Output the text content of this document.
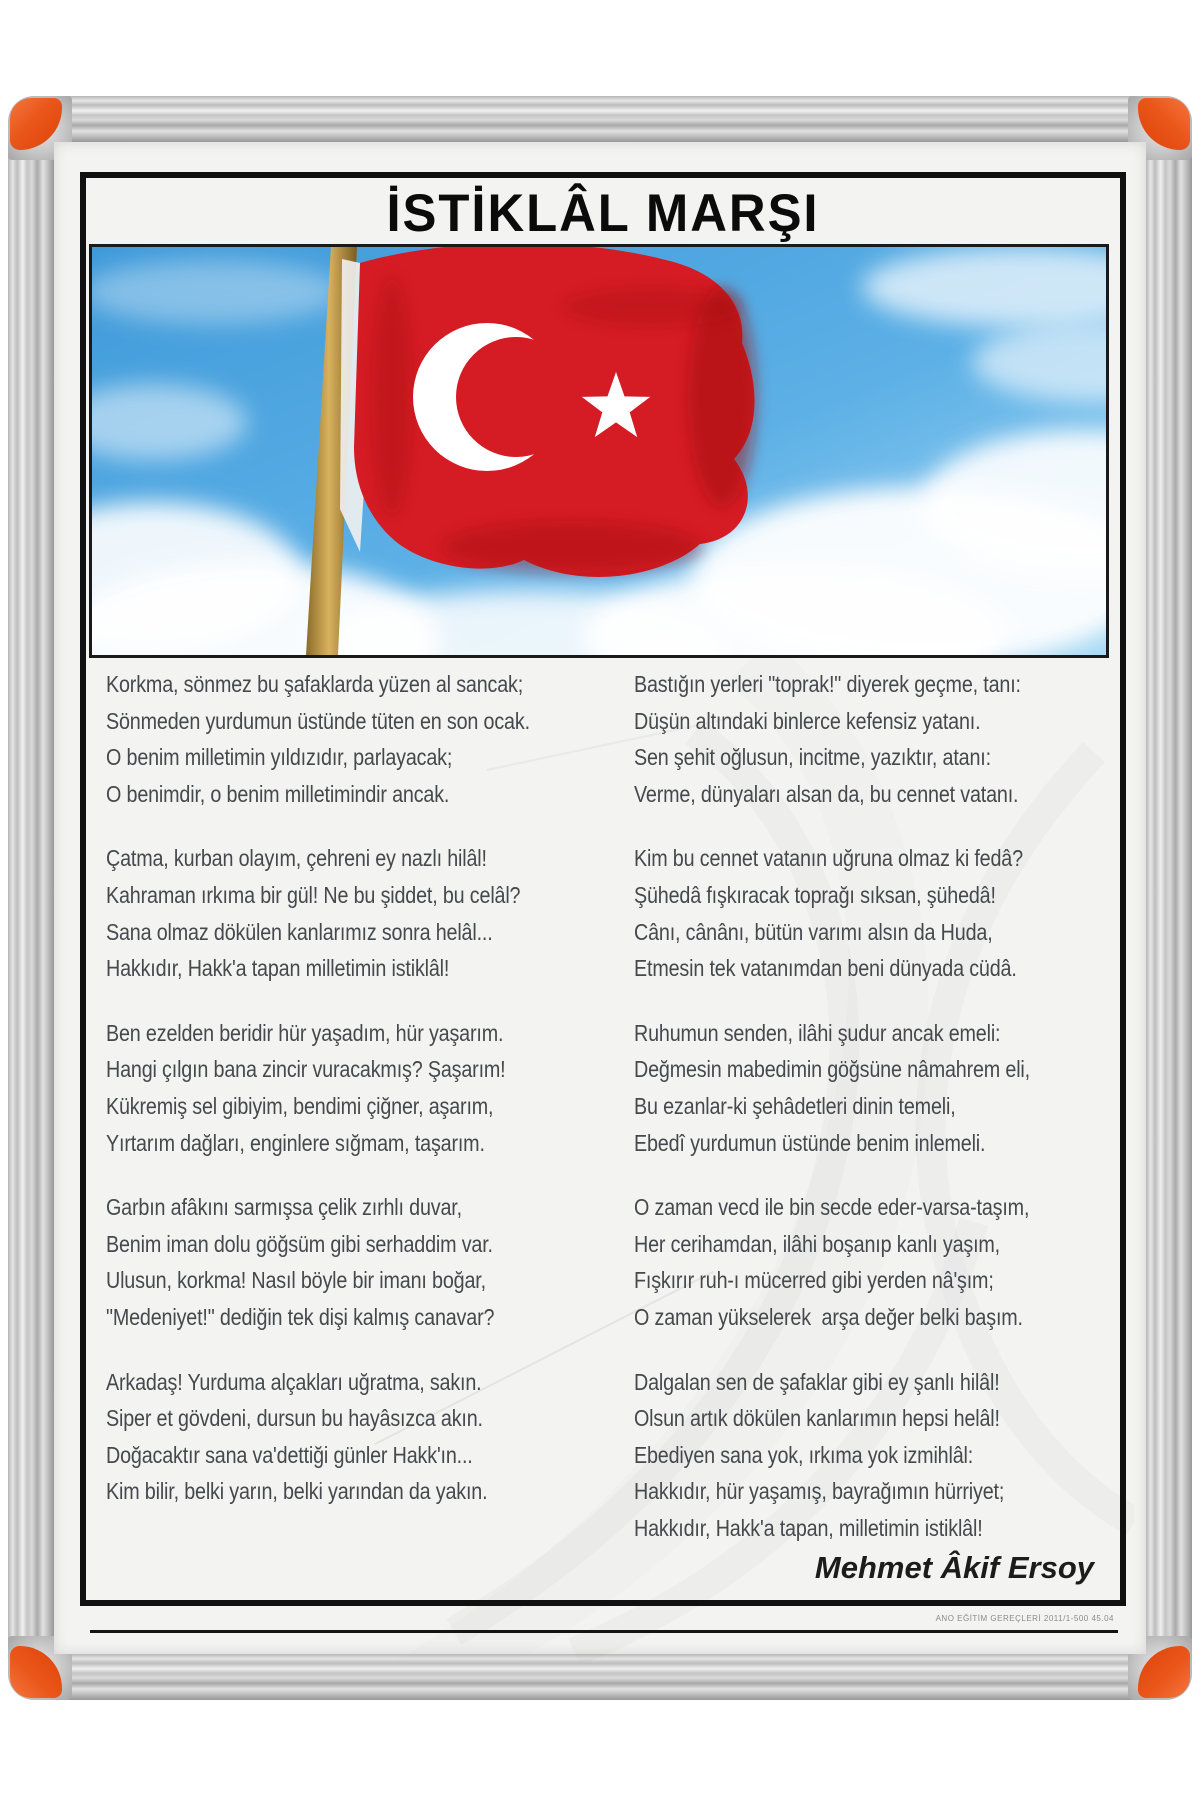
İSTİKLÂL MARŞI
Korkma, sönmez bu şafaklarda yüzen al sancak;
Sönmeden yurdumun üstünde tüten en son ocak.
O benim milletimin yıldızıdır, parlayacak;
O benimdir, o benim milletimindir ancak.
Çatma, kurban olayım, çehreni ey nazlı hilâl!
Kahraman ırkıma bir gül! Ne bu şiddet, bu celâl?
Sana olmaz dökülen kanlarımız sonra helâl...
Hakkıdır, Hakk'a tapan milletimin istiklâl!
Ben ezelden beridir hür yaşadım, hür yaşarım.
Hangi çılgın bana zincir vuracakmış? Şaşarım!
Kükremiş sel gibiyim, bendimi çiğner, aşarım,
Yırtarım dağları, enginlere sığmam, taşarım.
Garbın afâkını sarmışsa çelik zırhlı duvar,
Benim iman dolu göğsüm gibi serhaddim var.
Ulusun, korkma! Nasıl böyle bir imanı boğar,
"Medeniyet!" dediğin tek dişi kalmış canavar?
Arkadaş! Yurduma alçakları uğratma, sakın.
Siper et gövdeni, dursun bu hayâsızca akın.
Doğacaktır sana va'dettiği günler Hakk'ın...
Kim bilir, belki yarın, belki yarından da yakın.
Bastığın yerleri "toprak!" diyerek geçme, tanı:
Düşün altındaki binlerce kefensiz yatanı.
Sen şehit oğlusun, incitme, yazıktır, atanı:
Verme, dünyaları alsan da, bu cennet vatanı.
Kim bu cennet vatanın uğruna olmaz ki fedâ?
Şühedâ fışkıracak toprağı sıksan, şühedâ!
Cânı, cânânı, bütün varımı alsın da Huda,
Etmesin tek vatanımdan beni dünyada cüdâ.
Ruhumun senden, ilâhi şudur ancak emeli:
Değmesin mabedimin göğsüne nâmahrem eli,
Bu ezanlar-ki şehâdetleri dinin temeli,
Ebedî yurdumun üstünde benim inlemeli.
O zaman vecd ile bin secde eder-varsa-taşım,
Her cerihamdan, ilâhi boşanıp kanlı yaşım,
Fışkırır ruh-ı mücerred gibi yerden nâ'şım;
O zaman yükselerek  arşa değer belki başım.
Dalgalan sen de şafaklar gibi ey şanlı hilâl!
Olsun artık dökülen kanlarımın hepsi helâl!
Ebediyen sana yok, ırkıma yok izmihlâl:
Hakkıdır, hür yaşamış, bayrağımın hürriyet;
Hakkıdır, Hakk'a tapan, milletimin istiklâl!
Mehmet Âkif Ersoy
ANO EĞİTİM GEREÇLERİ 2011/1-500 45.04
